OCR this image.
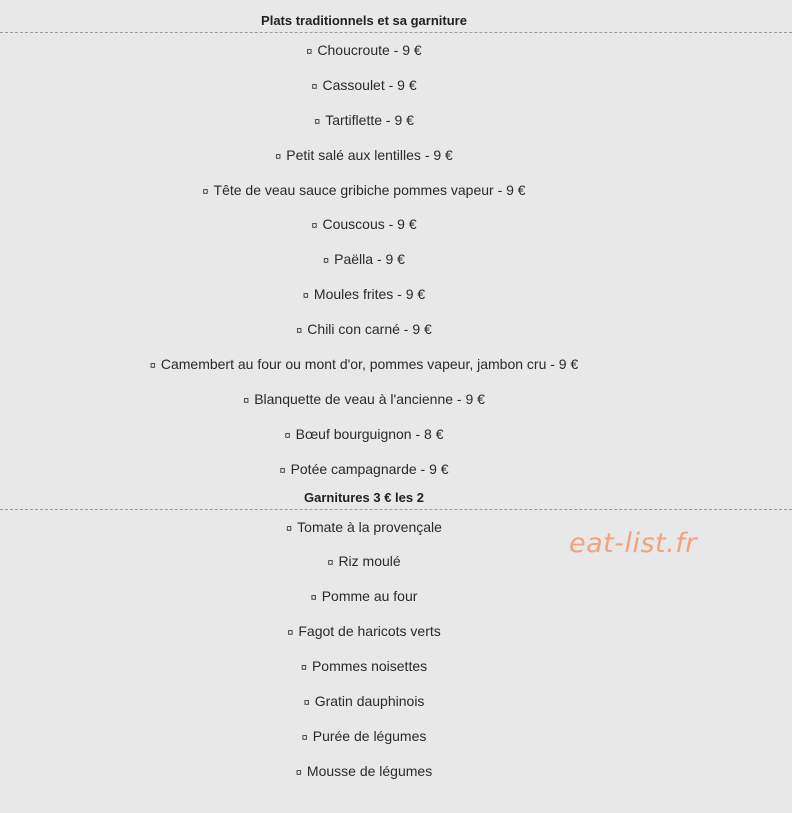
Plats traditionnels et sa garniture
¤ Choucroute - 9 €
¤ Cassoulet - 9 €
¤ Tartiflette - 9 €
¤ Petit salé aux lentilles - 9 €
¤ Tête de veau sauce gribiche pommes vapeur - 9 €
¤ Couscous - 9 €
¤ Paëlla - 9 €
¤ Moules frites - 9 €
¤ Chili con carné - 9 €
¤ Camembert au four ou mont d'or, pommes vapeur, jambon cru - 9 €
¤ Blanquette de veau à l'ancienne - 9 €
¤ Bœuf bourguignon - 8 €
¤ Potée campagnarde - 9 €
Garnitures 3 € les 2
¤ Tomate à la provençale
¤ Riz moulé
¤ Pomme au four
¤ Fagot de haricots verts
¤ Pommes noisettes
¤ Gratin dauphinois
¤ Purée de légumes
¤ Mousse de légumes
eat-list.fr
